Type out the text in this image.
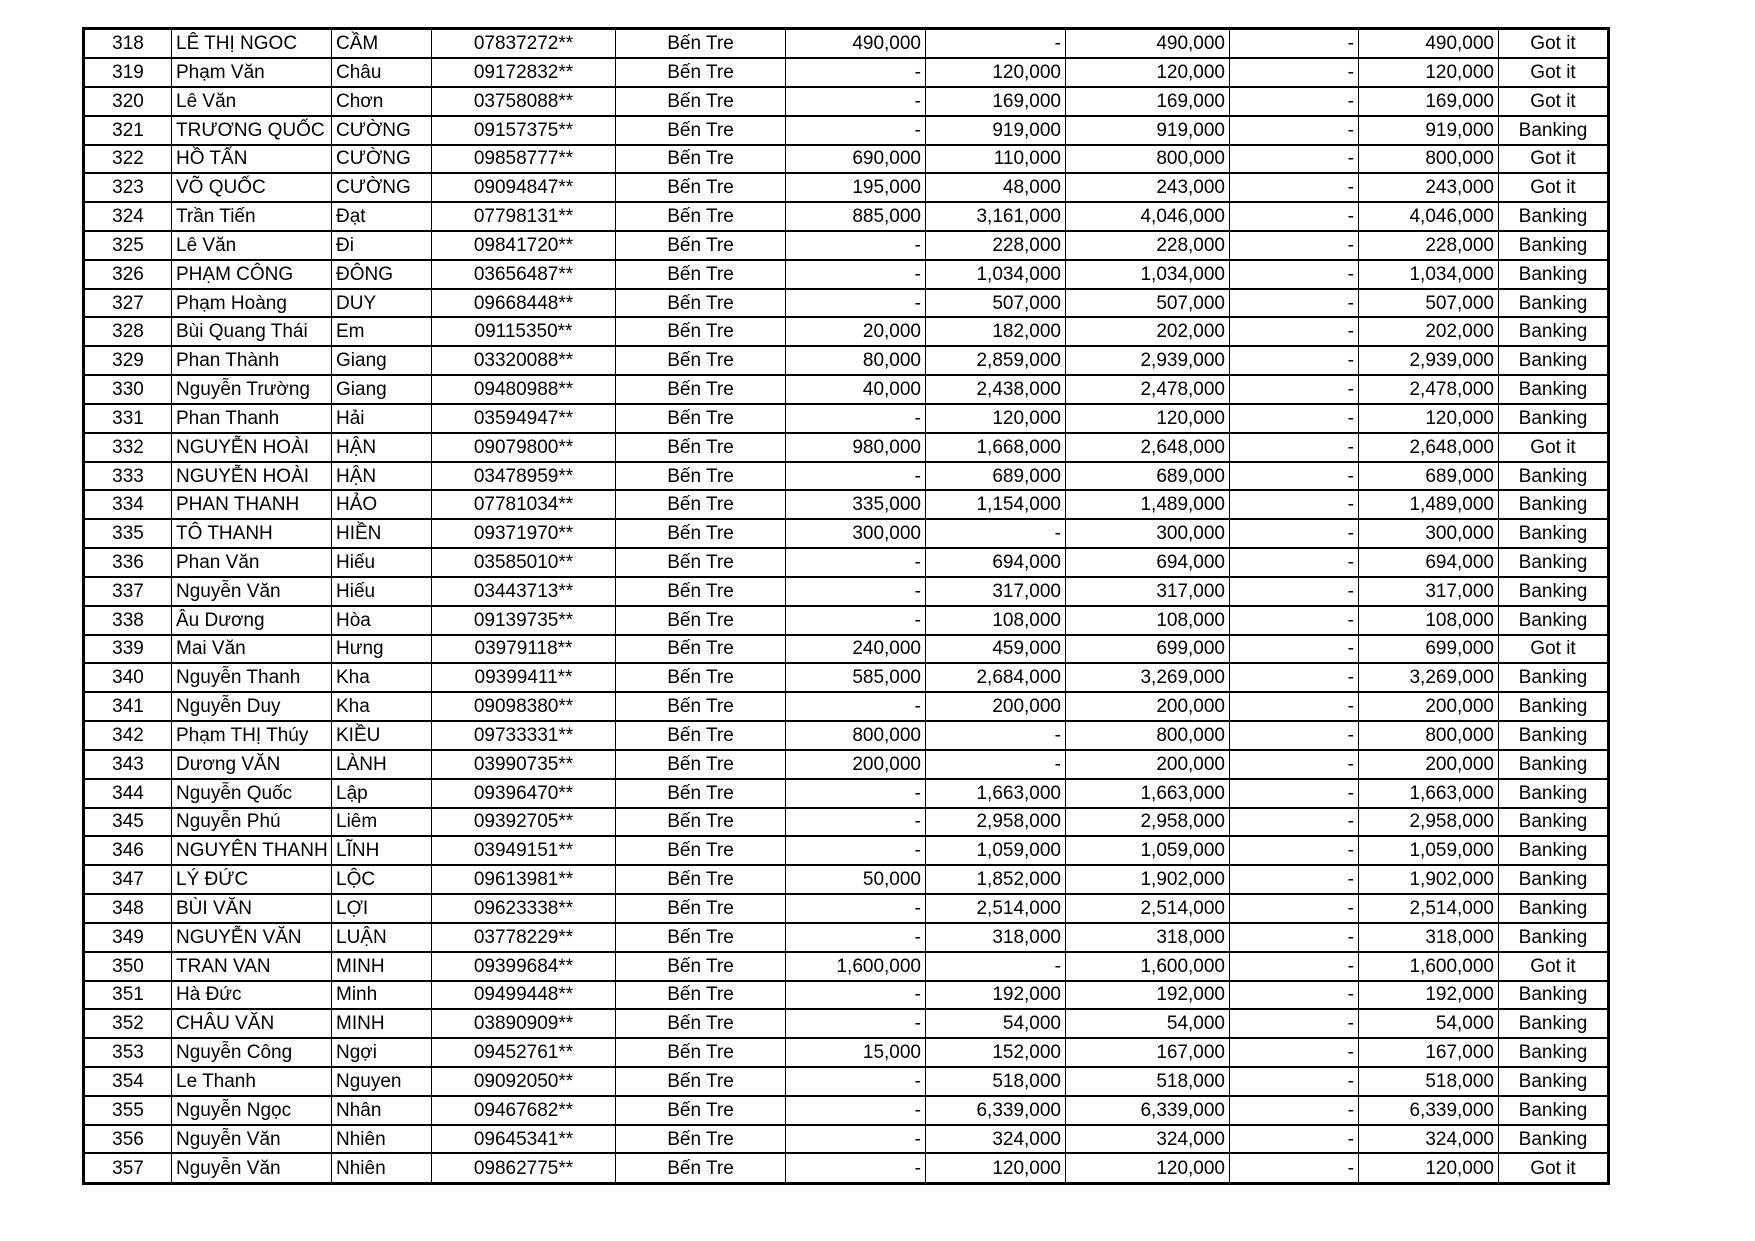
318	LÊ THỊ NGOC	CẦM	07837272**	Bến Tre	490,000	-	490,000	-	490,000	Got it
319	Phạm Văn	Châu	09172832**	Bến Tre	-	120,000	120,000	-	120,000	Got it
320	Lê Văn	Chơn	03758088**	Bến Tre	-	169,000	169,000	-	169,000	Got it
321	TRƯƠNG QUỐC	CƯỜNG	09157375**	Bến Tre	-	919,000	919,000	-	919,000	Banking
322	HỒ TẤN	CƯỜNG	09858777**	Bến Tre	690,000	110,000	800,000	-	800,000	Got it
323	VÕ QUỐC	CƯỜNG	09094847**	Bến Tre	195,000	48,000	243,000	-	243,000	Got it
324	Trần Tiến	Đạt	07798131**	Bến Tre	885,000	3,161,000	4,046,000	-	4,046,000	Banking
325	Lê Văn	Đi	09841720**	Bến Tre	-	228,000	228,000	-	228,000	Banking
326	PHẠM CÔNG	ĐÔNG	03656487**	Bến Tre	-	1,034,000	1,034,000	-	1,034,000	Banking
327	Phạm Hoàng	DUY	09668448**	Bến Tre	-	507,000	507,000	-	507,000	Banking
328	Bùi Quang Thái	Em	09115350**	Bến Tre	20,000	182,000	202,000	-	202,000	Banking
329	Phan Thành	Giang	03320088**	Bến Tre	80,000	2,859,000	2,939,000	-	2,939,000	Banking
330	Nguyễn Trường	Giang	09480988**	Bến Tre	40,000	2,438,000	2,478,000	-	2,478,000	Banking
331	Phan Thanh	Hải	03594947**	Bến Tre	-	120,000	120,000	-	120,000	Banking
332	NGUYỄN HOÀI	HẬN	09079800**	Bến Tre	980,000	1,668,000	2,648,000	-	2,648,000	Got it
333	NGUYỄN HOÀI	HẬN	03478959**	Bến Tre	-	689,000	689,000	-	689,000	Banking
334	PHAN THANH	HẢO	07781034**	Bến Tre	335,000	1,154,000	1,489,000	-	1,489,000	Banking
335	TÔ THANH	HIỀN	09371970**	Bến Tre	300,000	-	300,000	-	300,000	Banking
336	Phan Văn	Hiếu	03585010**	Bến Tre	-	694,000	694,000	-	694,000	Banking
337	Nguyễn Văn	Hiếu	03443713**	Bến Tre	-	317,000	317,000	-	317,000	Banking
338	Âu Dương	Hòa	09139735**	Bến Tre	-	108,000	108,000	-	108,000	Banking
339	Mai Văn	Hưng	03979118**	Bến Tre	240,000	459,000	699,000	-	699,000	Got it
340	Nguyễn Thanh	Kha	09399411**	Bến Tre	585,000	2,684,000	3,269,000	-	3,269,000	Banking
341	Nguyễn Duy	Kha	09098380**	Bến Tre	-	200,000	200,000	-	200,000	Banking
342	Phạm THỊ Thúy	KIỀU	09733331**	Bến Tre	800,000	-	800,000	-	800,000	Banking
343	Dương VĂN	LÀNH	03990735**	Bến Tre	200,000	-	200,000	-	200,000	Banking
344	Nguyễn Quốc	Lập	09396470**	Bến Tre	-	1,663,000	1,663,000	-	1,663,000	Banking
345	Nguyễn Phú	Liêm	09392705**	Bến Tre	-	2,958,000	2,958,000	-	2,958,000	Banking
346	NGUYÊN THANH	LĨNH	03949151**	Bến Tre	-	1,059,000	1,059,000	-	1,059,000	Banking
347	LÝ ĐỨC	LỘC	09613981**	Bến Tre	50,000	1,852,000	1,902,000	-	1,902,000	Banking
348	BÙI VĂN	LỢI	09623338**	Bến Tre	-	2,514,000	2,514,000	-	2,514,000	Banking
349	NGUYỄN VĂN	LUẬN	03778229**	Bến Tre	-	318,000	318,000	-	318,000	Banking
350	TRAN VAN	MINH	09399684**	Bến Tre	1,600,000	-	1,600,000	-	1,600,000	Got it
351	Hà Đức	Minh	09499448**	Bến Tre	-	192,000	192,000	-	192,000	Banking
352	CHÂU VĂN	MINH	03890909**	Bến Tre	-	54,000	54,000	-	54,000	Banking
353	Nguyễn Công	Ngợi	09452761**	Bến Tre	15,000	152,000	167,000	-	167,000	Banking
354	Le Thanh	Nguyen	09092050**	Bến Tre	-	518,000	518,000	-	518,000	Banking
355	Nguyễn Ngọc	Nhân	09467682**	Bến Tre	-	6,339,000	6,339,000	-	6,339,000	Banking
356	Nguyễn Văn	Nhiên	09645341**	Bến Tre	-	324,000	324,000	-	324,000	Banking
357	Nguyễn Văn	Nhiên	09862775**	Bến Tre	-	120,000	120,000	-	120,000	Got it
